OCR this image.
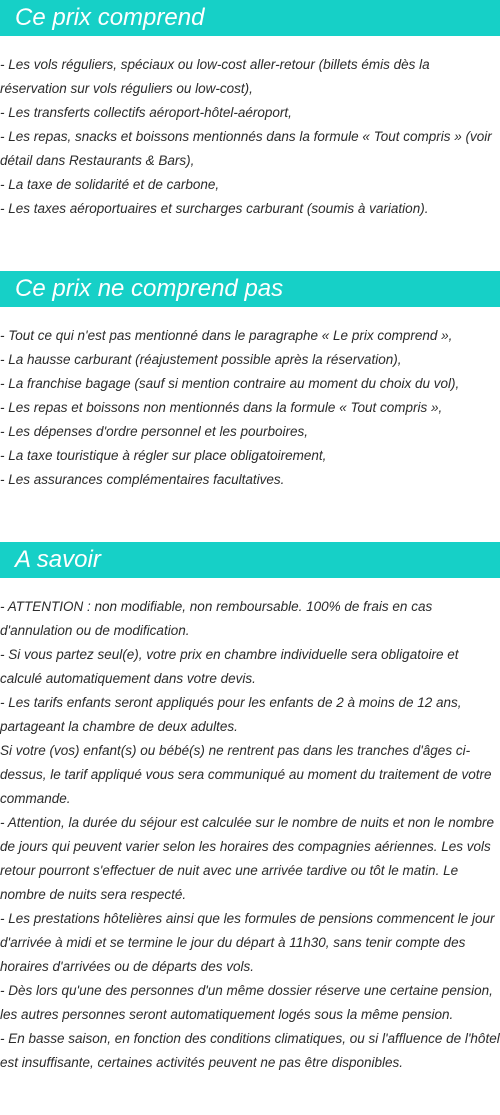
Ce prix comprend

- Les vols réguliers, spéciaux ou low-cost aller-retour (billets émis dès la réservation sur vols réguliers ou low-cost),

- Les transferts collectifs aéroport-hôtel-aéroport,

- Les repas, snacks et boissons mentionnés dans la formule « Tout compris » (voir détail dans Restaurants & Bars),

- La taxe de solidarité et de carbone,

- Les taxes aéroportuaires et surcharges carburant (soumis à variation).

Ce prix ne comprend pas

- Tout ce qui n'est pas mentionné dans le paragraphe « Le prix comprend »,

- La hausse carburant (réajustement possible après la réservation),

- La franchise bagage (sauf si mention contraire au moment du choix du vol),

- Les repas et boissons non mentionnés dans la formule « Tout compris »,

- Les dépenses d'ordre personnel et les pourboires,

- La taxe touristique à régler sur place obligatoirement,

- Les assurances complémentaires facultatives.

A savoir

- ATTENTION : non modifiable, non remboursable. 100% de frais en cas d'annulation ou de modification.

- Si vous partez seul(e), votre prix en chambre individuelle sera obligatoire et calculé automatiquement dans votre devis.

- Les tarifs enfants seront appliqués pour les enfants de 2 à moins de 12 ans, partageant la chambre de deux adultes.

Si votre (vos) enfant(s) ou bébé(s) ne rentrent pas dans les tranches d'âges ci-dessus, le tarif appliqué vous sera communiqué au moment du traitement de votre commande.

- Attention, la durée du séjour est calculée sur le nombre de nuits et non le nombre de jours qui peuvent varier selon les horaires des compagnies aériennes. Les vols retour pourront s'effectuer de nuit avec une arrivée tardive ou tôt le matin. Le nombre de nuits sera respecté.

- Les prestations hôtelières ainsi que les formules de pensions commencent le jour d'arrivée à midi et se termine le jour du départ à 11h30, sans tenir compte des horaires d'arrivées ou de départs des vols.

- Dès lors qu'une des personnes d'un même dossier réserve une certaine pension, les autres personnes seront automatiquement logés sous la même pension.

- En basse saison, en fonction des conditions climatiques, ou si l'affluence de l'hôtel est insuffisante, certaines activités peuvent ne pas être disponibles.
